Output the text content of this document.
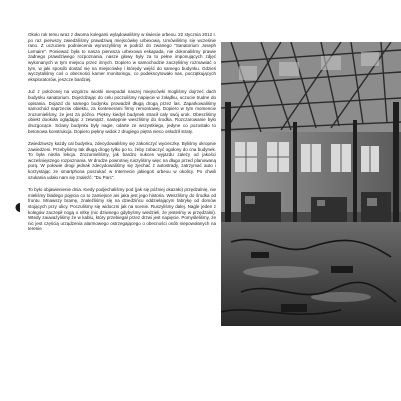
Około rok temu wraz z dwoma kolegami wylądowaliśmy w świecie urbexu. 22 stycznia 2012 r. po raz pierwszy zwiedziliśmy prawdziwą miejscówkę urbexową. Umówiliśmy się wcześnie rano. Z uczuciem podniecenia wyruszyliśmy w podróż do zwanego "Sanatorium Joseph Lemaire". Ponieważ była to nasza pierwsza urbexowa eskapada, nie dokonaliśmy prawie żadnego prawdziwego rozpoznania, nasze głowy były za to pełne imponujących zdjęć wykonanych w tym miejscu przez innych. Dopiero w samochodzie zaczęliśmy rozmawiać o tym, w jaki sposób dostać się na miejscówkę i którędy wejść do samego budynku. Gdzieś wyczytaliśmy coś o obecności kamer monitoringu, co podekscytowało nas, początkujących eksploratorów, jeszcze bardziej.

Już z położonej na wzgórzu wioski nieopodal naszej miejscówki mogliśmy dojrzeć dach budynku sanatorium. Dojeżdżając do celu poczuliśmy napięcie w żołądku, uczucie trudne do opisania. Dojazd do samego budynku prowadził długą drogą przez las. Zaparkowaliśmy samochód naprzeciw obiektu, za kontenerami firmy remontowej. Dopiero w tym momencie zrozumieliśmy, że jest za późno. Piękny kiedyś budynek stracił cały swój urok. Obeszliśmy obiekt dookoła oglądając z zewnątrz, następnie weszliśmy do środka. Rozczarowanie było druzgocące. Sclany budynku były nagie, odarte ze wszystkiego, jedyne co pozostało to betonowa konstrukcja. Dopiero piękny widok z drugiego piętra nieco osłodził straty.

Zwiedziwszy każdy cal budynku, zdecydowaliśmy się zakończyć wycieczkę. Byliśmy okropnie zawiedzeni. Przebyliśmy tak długą drogę tylko po to, żeby zobaczyć ogołony do cna budynek. To była niezła lekcja. Zrozumieliśmy, jak bardzo sukces wyjazdu zależy od jakości wcześniejszego rozpoznania. W drodze powrotnej ruszyliśmy więc na długo przed planowaną porą. W połowie drogi jednak zdecydowaliśmy się zjechać z autostrady, zatrzymać auto i korzystając ze smartphona poszukać w Internecie jakiegoś urbexu w okolicy. Po chwili szukania udało nam się znaleźć: "Du Parc".

To było objawienienie dnia. Kiedy podjechaliśmy pod (jak się później okazało) przędzalnię, nie mieliśmy bladego pojęcia co to zamiejsce ani jaka jest jego historia. Weszliśmy do środka od frontu. Mnawszy bramę, znaleźliśmy się na dziedzińcu oddzielającym fabrykę od domów stojących przy ulicy. Poczuliśmy się widoczni jak na scenie. Ruszyliśmy dalej. Nagle jeden z kolegów zaczepił nogą o nitkę (nic dziwnego gdybyśmy wiedzieli, że jesteśmy w przędzalni). Wtedy zauważyliśmy że w kablu, który przebiegał przez drzwi jest napięcie. Pomyśleliśmy, że nic jest częścią urządzenia alarmowego ostrzegającego o obecności osób niepowołanych na terenie
